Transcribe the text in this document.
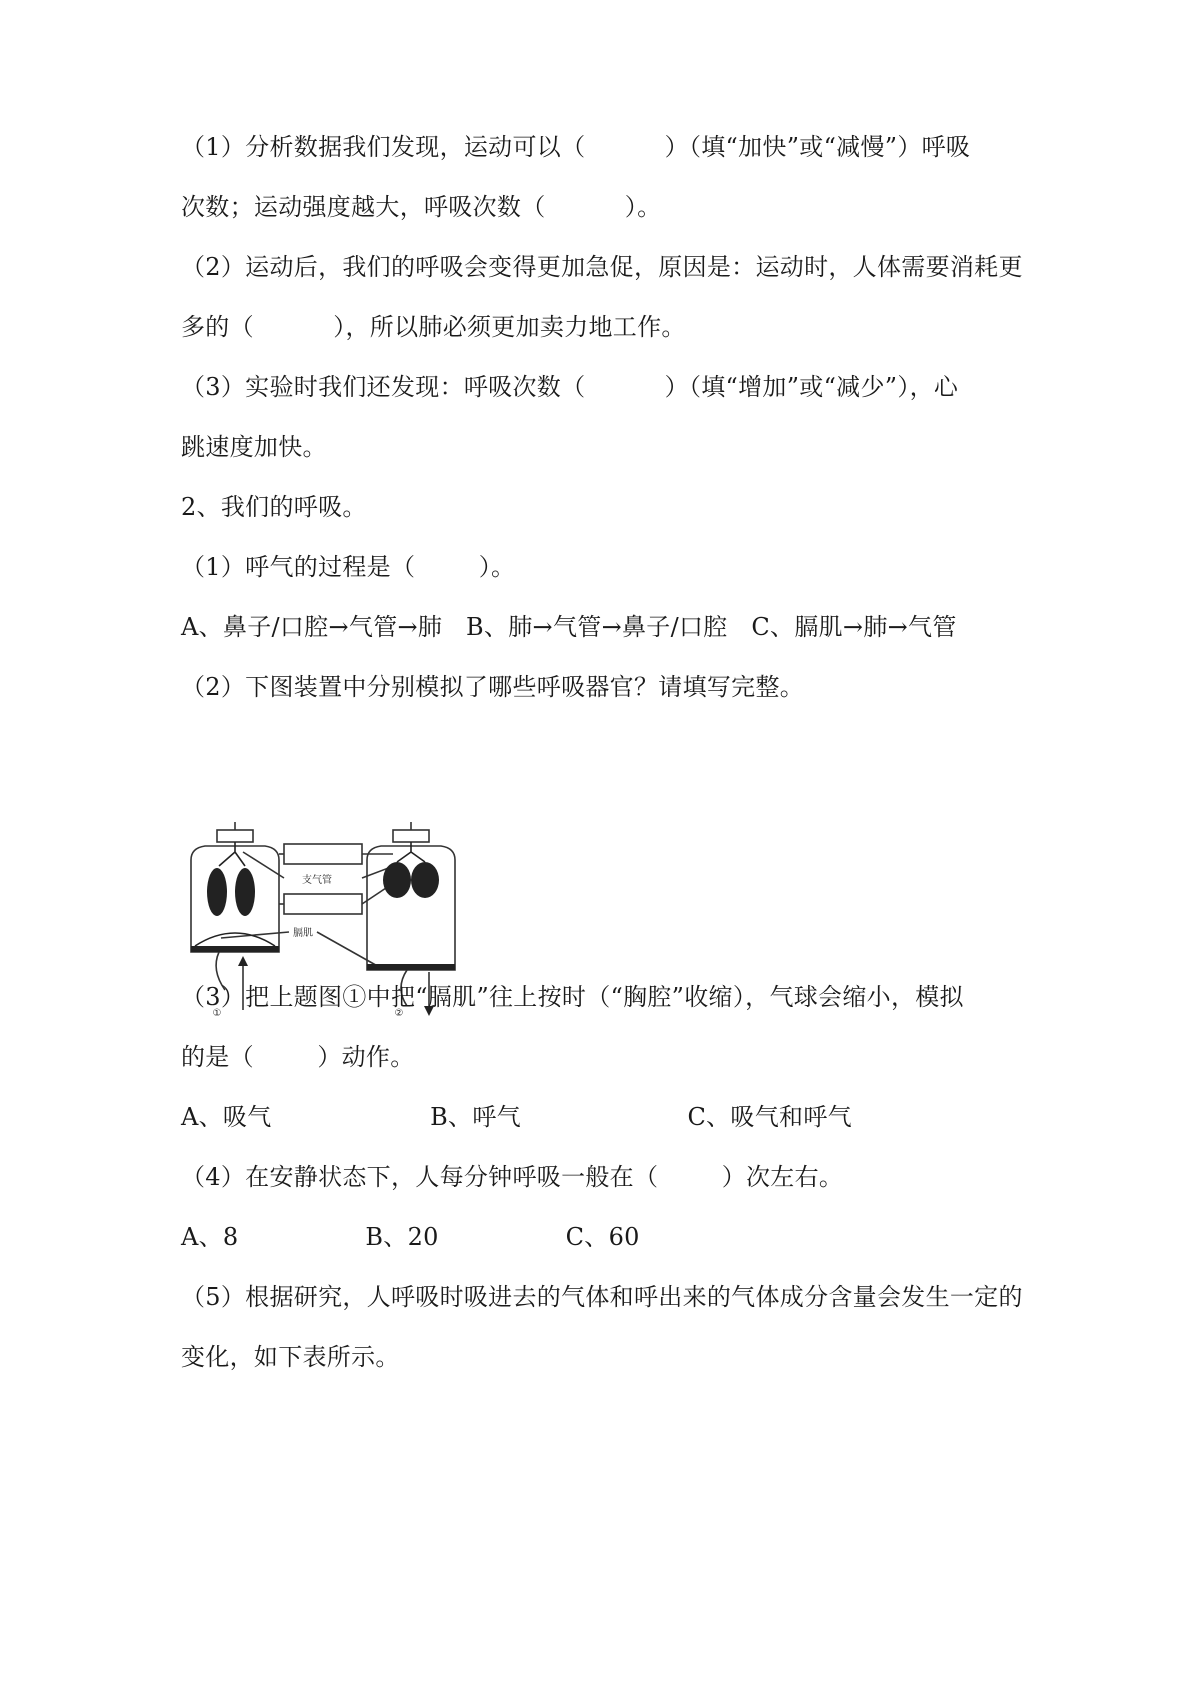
（1）分析数据我们发现，运动可以（          ）（填“加快”或“减慢”）呼吸
次数；运动强度越大，呼吸次数（          ）。
（2）运动后，我们的呼吸会变得更加急促，原因是：运动时，人体需要消耗更
多的（          ），所以肺必须更加卖力地工作。
（3）实验时我们还发现：呼吸次数（          ）（填“增加”或“减少”），心
跳速度加快。
2、我们的呼吸。
（1）呼气的过程是（        ）。
A、鼻子/口腔→气管→肺   B、肺→气管→鼻子/口腔   C、膈肌→肺→气管
（2）下图装置中分别模拟了哪些呼吸器官？请填写完整。
支气管
膈肌
①	②
（3）把上题图①中把“膈肌”往上按时（“胸腔”收缩），气球会缩小，模拟
的是（        ）动作。
A、吸气                    B、呼气                     C、吸气和呼气
（4）在安静状态下，人每分钟呼吸一般在（        ）次左右。
A、8                B、20                C、60
（5）根据研究，人呼吸时吸进去的气体和呼出来的气体成分含量会发生一定的
变化，如下表所示。
